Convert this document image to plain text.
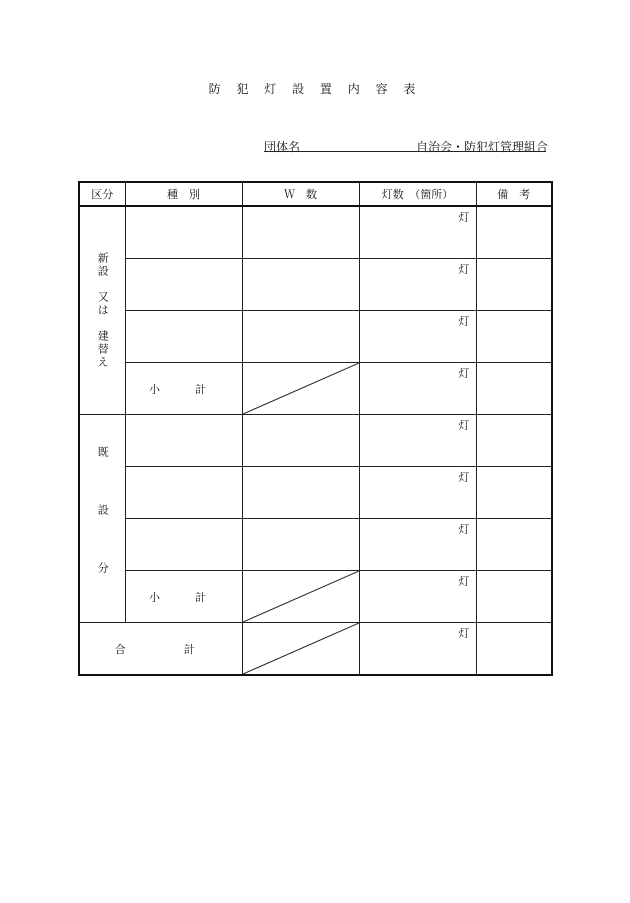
防 犯 灯 設 置 内 容 表
団体名	自治会・防犯灯管理組合
区分	種　別	Ｗ　数	灯数　（箇所）	備　考

新設　又は　建替え			灯	

			灯	

			灯	

	小　計		灯	

既　設　分			灯	

			灯	

			灯	

	小　計		灯	

合　　計			灯	
